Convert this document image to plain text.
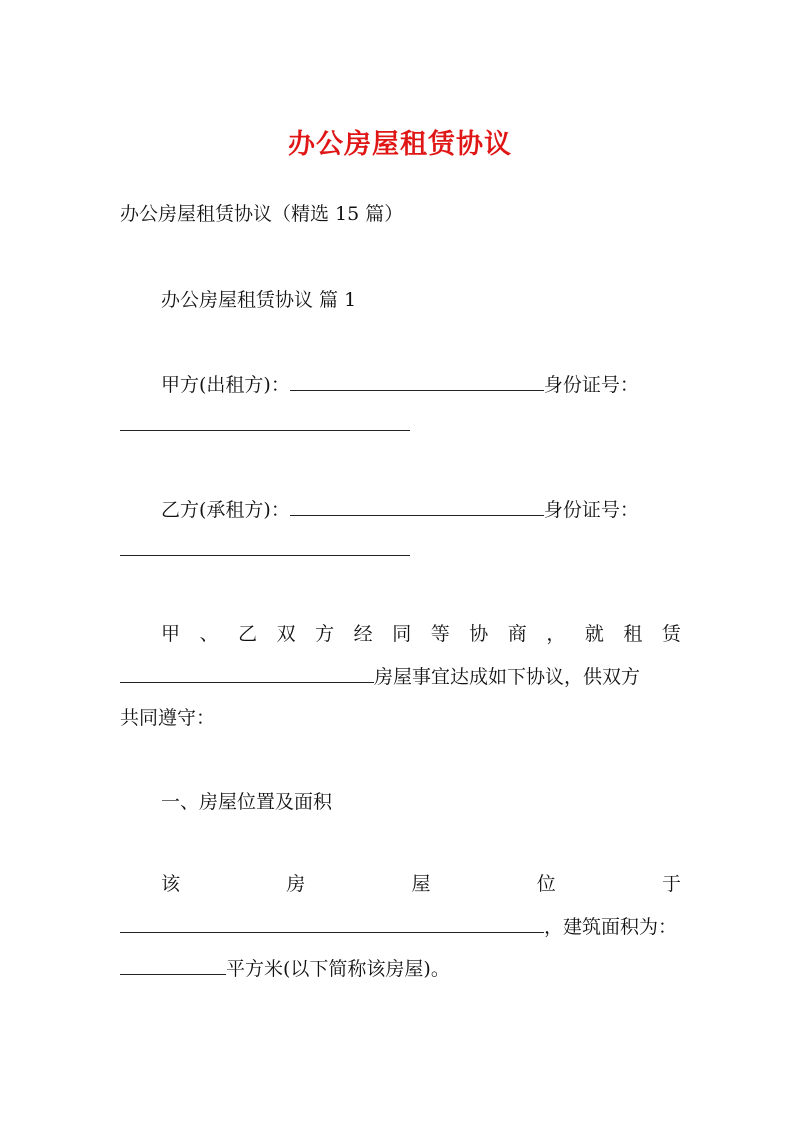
办公房屋租赁协议
办公房屋租赁协议（精选 15 篇）
办公房屋租赁协议 篇 1
甲方(出租方)：	身份证号：
乙方(承租方)：	身份证号：
甲 、 乙 双 方 经 同 等 协 商 ， 就 租 赁
房屋事宜达成如下协议，供双方
共同遵守：
一、房屋位置及面积
该	房	屋	位	于
，建筑面积为：
平方米(以下简称该房屋)。
